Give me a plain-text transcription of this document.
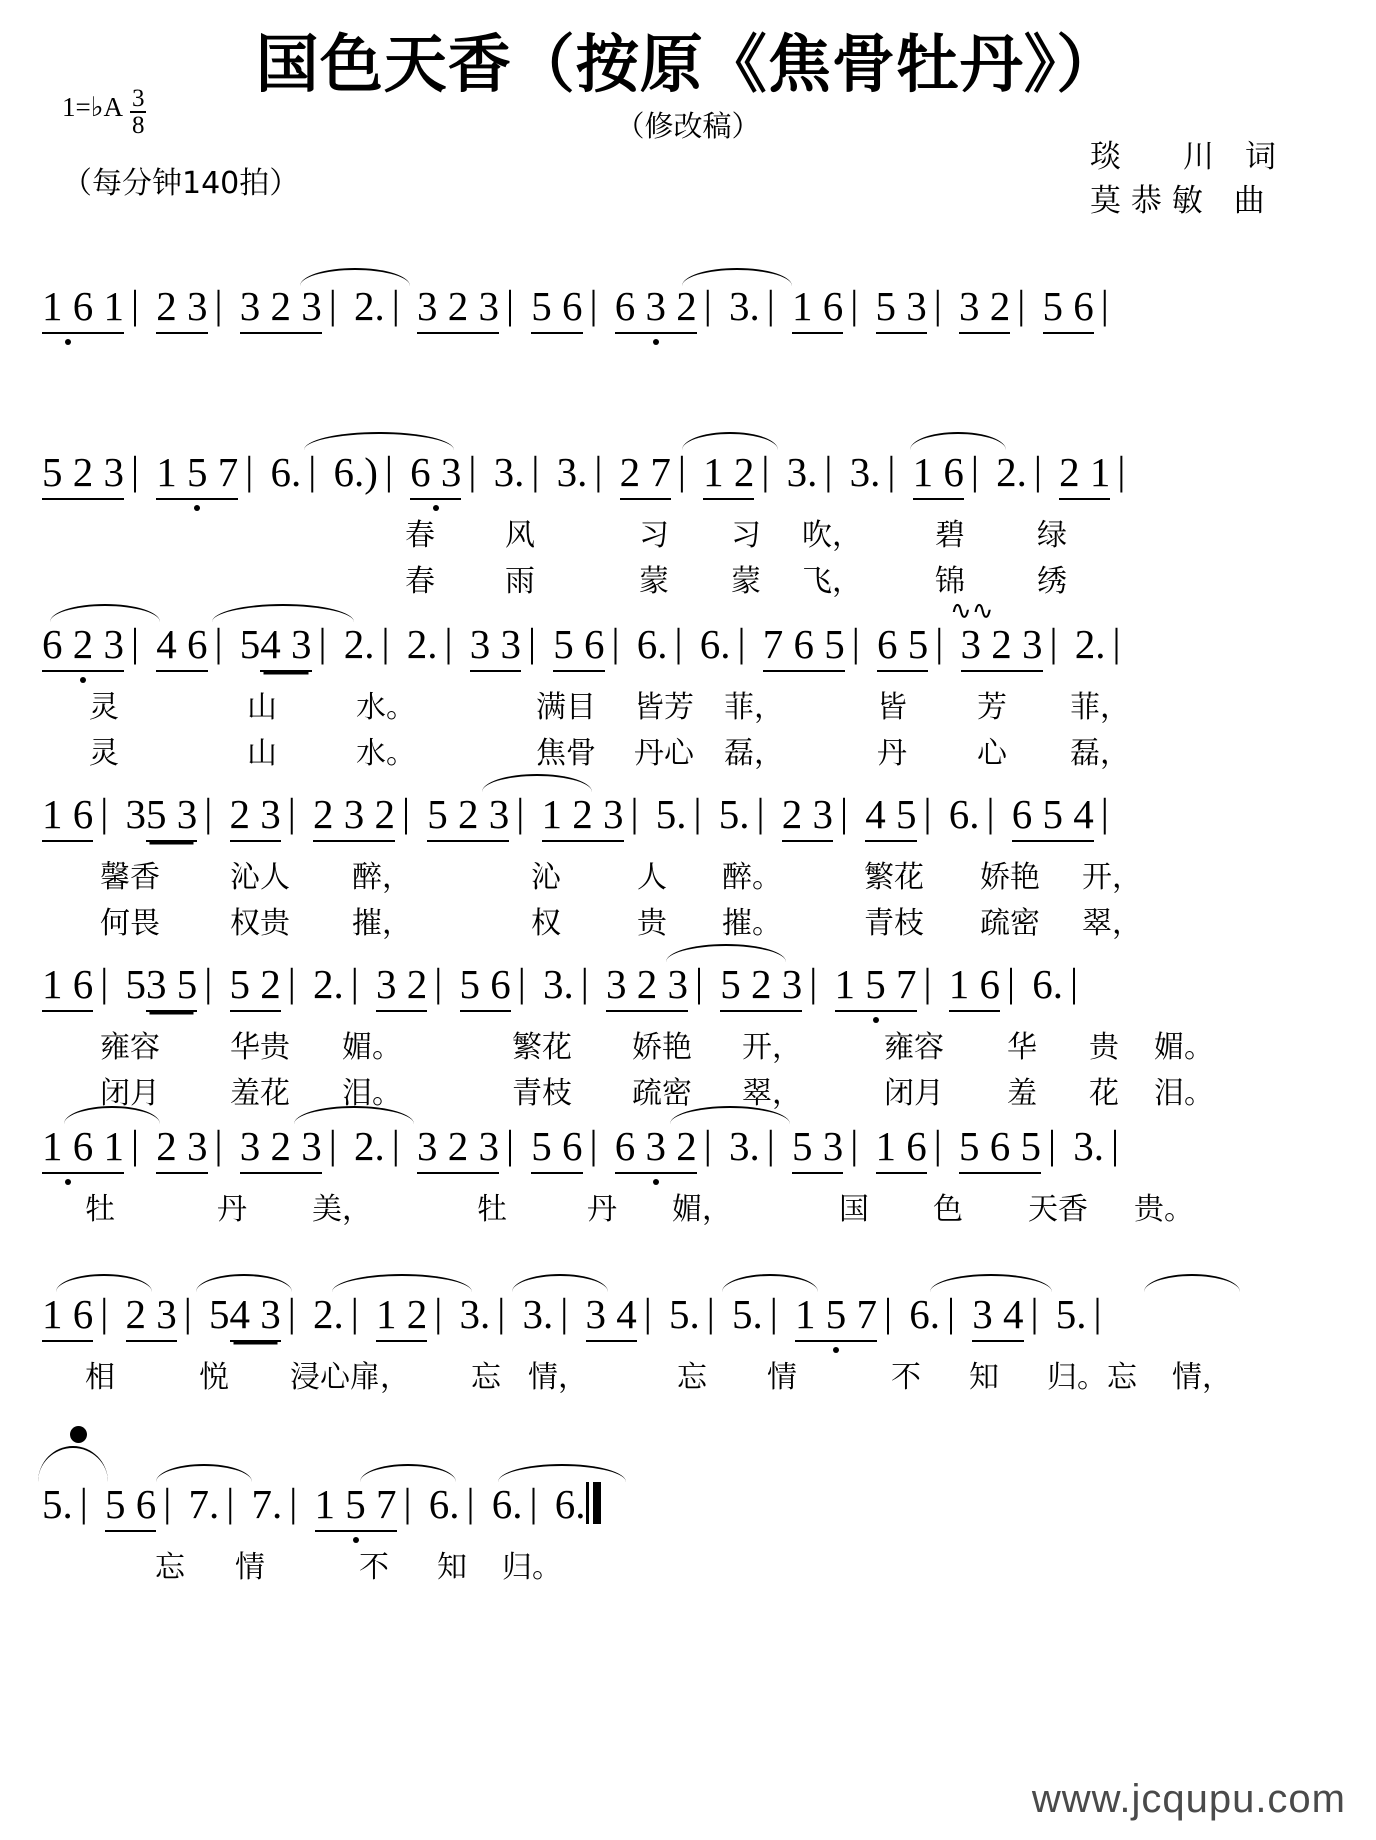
国色天香（按原《焦骨牡丹》）
（修改稿）
1=♭A $\frac{3}{8}$
（每分钟140拍）
琰　　川　词
莫 恭 敏　曲
1 6 1 | 2 3 | 3 2 3 | 2. | 3 2 3 | 5 6 | 6 3 2 | 3. | 1 6 | 5 3 | 3 2 | 5 6 |
5 2 3 | 1 5 7 | 6. | 6.) | 6 3 | 3. | 3. | 2 7 | 1 2 | 3. | 3. | 1 6 | 2. | 2 1 |
春 风	习 习 吹， 碧 绿
春 雨	蒙 蒙 飞， 锦 绣
∿∿
6 2 3 | 4 6 | 54 3 | 2. | 2. | 3 3 | 5 6 | 6. | 6. | 7 6 5 | 6 5 | 3 2 3 | 2. |
灵	山	水。	满目 皆芳 菲，	皆 芳 菲，
灵	山	水。	焦骨 丹心 磊，	丹 心 磊，
1 6 | 35 3 | 2 3 | 2 3 2 | 5 2 3 | 1 2 3 | 5. | 5. | 2 3 | 4 5 | 6. | 6 5 4 |
馨香 沁人 醉，	沁	人 醉。	繁花 娇艳 开，
何畏 权贵 摧，	权	贵 摧。	青枝 疏密 翠，
1 6 | 53 5 | 5 2 | 2. | 3 2 | 5 6 | 3. | 3 2 3 | 5 2 3 | 1 5 7 | 1 6 | 6. |
雍容 华贵 媚。	繁花 娇艳 开，	雍容 华 贵 媚。
闭月 羞花 泪。	青枝 疏密 翠，	闭月 羞 花 泪。
1 6 1 | 2 3 | 3 2 3 | 2. | 3 2 3 | 5 6 | 6 3 2 | 3. | 5 3 | 1 6 | 5 6 5 | 3. |
牡	丹 美，	牡	丹 媚，	国 色 天香 贵。
1 6 | 2 3 | 54 3 | 2. | 1 2 | 3. | 3. | 3 4 | 5. | 5. | 1 5 7 | 6. | 3 4 | 5. |
相	悦 浸心扉， 忘 情，	忘 情	不 知 归。忘 情，
5. | 5 6 | 7. | 7. | 1 5 7 | 6. | 6. | 6.
忘 情	不 知 归。
www.jcqupu.com
